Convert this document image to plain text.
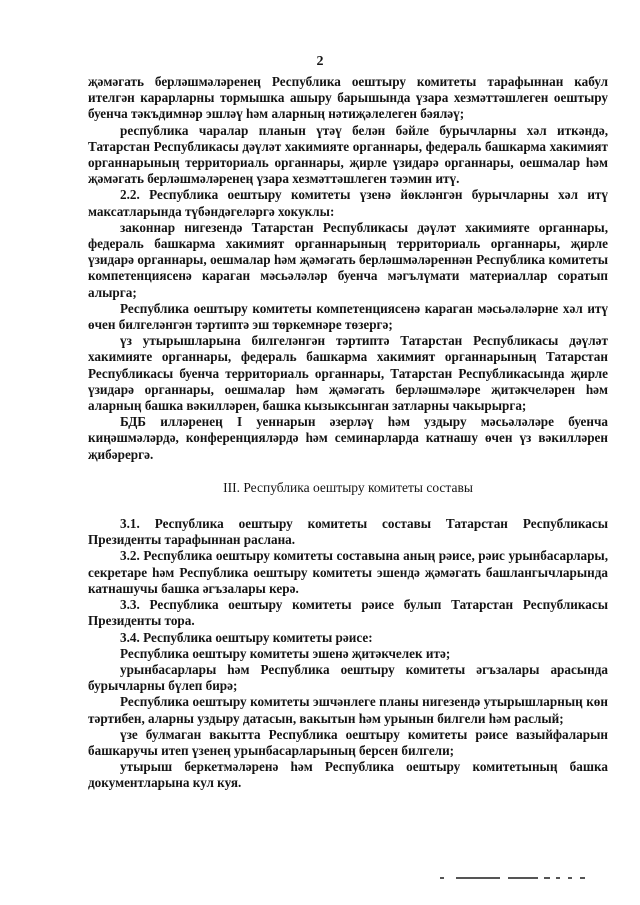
2

җәмәгать берләшмәләренең Республика оештыру комитеты тарафыннан кабул ителгән карарларны тормышка ашыру барышында үзара хезмәттәшлеген оештыру буенча тәкъдимнәр эшләү һәм аларның нәтиҗәлелеген бәяләү;

республика чаралар планын үтәү белән бәйле бурычларны хәл иткәндә, Татарстан Республикасы дәүләт хакимияте органнары, федераль башкарма хакимият органнарының территориаль органнары, җирле үзидарә органнары, оешмалар һәм җәмәгать берләшмәләренең үзара хезмәттәшлеген тәэмин итү.

2.2. Республика оештыру комитеты үзенә йөкләнгән бурычларны хәл итү максатларында түбәндәгеләргә хокуклы:

законнар нигезендә Татарстан Республикасы дәүләт хакимияте органнары, федераль башкарма хакимият органнарының территориаль органнары, җирле үзидарә органнары, оешмалар һәм җәмәгать берләшмәләреннән Республика комитеты компетенциясенә караган мәсьәләләр буенча мәгълүмати материаллар соратып алырга;

Республика оештыру комитеты компетенциясенә караган мәсьәләләрне хәл итү өчен билгеләнгән тәртиптә эш төркемнәре төзергә;

үз утырышларына билгеләнгән тәртиптә Татарстан Республикасы дәүләт хакимияте органнары, федераль башкарма хакимият органнарының Татарстан Республикасы буенча территориаль органнары, Татарстан Республикасында җирле үзидарә органнары, оешмалар һәм җәмәгать берләшмәләре җитәкчеләрен һәм аларның башка вәкилләрен, башка кызыксынган затларны чакырырга;

БДБ илләренең I уеннарын әзерләү һәм уздыру мәсьәләләре буенча киңәшмәләрдә, конференцияләрдә һәм семинарларда катнашу өчен үз вәкилләрен җибәрергә.

III. Республика оештыру комитеты составы

3.1. Республика оештыру комитеты составы Татарстан Республикасы Президенты тарафыннан раслана.

3.2. Республика оештыру комитеты составына аның рәисе, рәис урынбасарлары, секретаре һәм Республика оештыру комитеты эшендә җәмәгать башлангычларында катнашучы башка әгъзалары керә.

3.3. Республика оештыру комитеты рәисе булып Татарстан Республикасы Президенты тора.

3.4. Республика оештыру комитеты рәисе:

Республика оештыру комитеты эшенә җитәкчелек итә;

урынбасарлары һәм Республика оештыру комитеты әгъзалары арасында бурычларны бүлеп бирә;

Республика оештыру комитеты эшчәнлеге планы нигезендә утырышларның көн тәртибен, аларны уздыру датасын, вакытын һәм урынын билгели һәм раслый;

үзе булмаган вакытта Республика оештыру комитеты рәисе вазыйфаларын башкаручы итеп үзенең урынбасарларының берсен билгели;

утырыш беркетмәләренә һәм Республика оештыру комитетының башка документларына кул куя.
